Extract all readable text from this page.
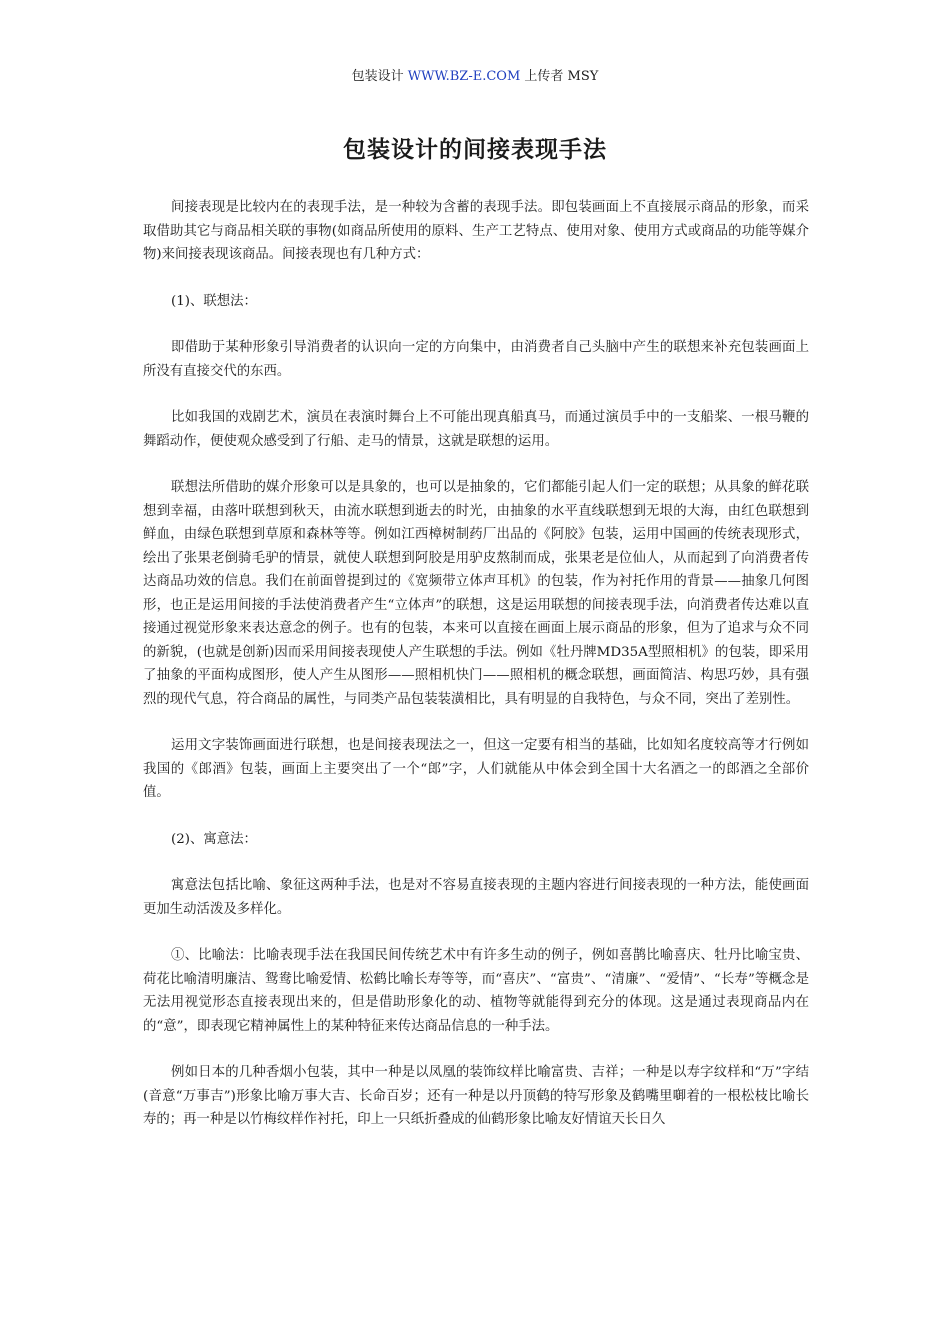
包装设计 WWW.BZ-E.COM 上传者 MSY
包装设计的间接表现手法

间接表现是比较内在的表现手法，是一种较为含蓄的表现手法。即包装画面上不直接展示商品的形象，而采取借助其它与商品相关联的事物(如商品所使用的原料、生产工艺特点、使用对象、使用方式或商品的功能等媒介物)来间接表现该商品。间接表现也有几种方式：

(1)、联想法：

即借助于某种形象引导消费者的认识向一定的方向集中，由消费者自己头脑中产生的联想来补充包装画面上所没有直接交代的东西。

比如我国的戏剧艺术，演员在表演时舞台上不可能出现真船真马，而通过演员手中的一支船桨、一根马鞭的舞蹈动作，便使观众感受到了行船、走马的情景，这就是联想的运用。

联想法所借助的媒介形象可以是具象的，也可以是抽象的，它们都能引起人们一定的联想；从具象的鲜花联想到幸福，由落叶联想到秋天，由流水联想到逝去的时光，由抽象的水平直线联想到无垠的大海，由红色联想到鲜血，由绿色联想到草原和森林等等。例如江西樟树制药厂出品的《阿胶》包装，运用中国画的传统表现形式，绘出了张果老倒骑毛驴的情景，就使人联想到阿胶是用驴皮熬制而成，张果老是位仙人，从而起到了向消费者传达商品功效的信息。我们在前面曾提到过的《宽频带立体声耳机》的包装，作为衬托作用的背景——抽象几何图形，也正是运用间接的手法使消费者产生“立体声”的联想，这是运用联想的间接表现手法，向消费者传达难以直接通过视觉形象来表达意念的例子。也有的包装，本来可以直接在画面上展示商品的形象，但为了追求与众不同的新貌，(也就是创新)因而采用间接表现使人产生联想的手法。例如《牡丹牌MD35A型照相机》的包装，即采用了抽象的平面构成图形，使人产生从图形——照相机快门——照相机的概念联想，画面简洁、构思巧妙，具有强烈的现代气息，符合商品的属性，与同类产品包装装潢相比，具有明显的自我特色，与众不同，突出了差别性。

运用文字装饰画面进行联想，也是间接表现法之一，但这一定要有相当的基础，比如知名度较高等才行例如我国的《郎酒》包装，画面上主要突出了一个“郎”字，人们就能从中体会到全国十大名酒之一的郎酒之全部价值。

(2)、寓意法：

寓意法包括比喻、象征这两种手法，也是对不容易直接表现的主题内容进行间接表现的一种方法，能使画面更加生动活泼及多样化。

①、比喻法：比喻表现手法在我国民间传统艺术中有许多生动的例子，例如喜鹊比喻喜庆、牡丹比喻宝贵、荷花比喻清明廉洁、鸳鸯比喻爱情、松鹤比喻长寿等等，而“喜庆”、“富贵”、“清廉”、“爱情”、“长寿”等概念是无法用视觉形态直接表现出来的，但是借助形象化的动、植物等就能得到充分的体现。这是通过表现商品内在的“意”，即表现它精神属性上的某种特征来传达商品信息的一种手法。

例如日本的几种香烟小包装，其中一种是以凤凰的装饰纹样比喻富贵、吉祥；一种是以寿字纹样和“万”字结(音意“万事吉”)形象比喻万事大吉、长命百岁；还有一种是以丹顶鹤的特写形象及鹤嘴里啣着的一根松枝比喻长寿的；再一种是以竹梅纹样作衬托，印上一只纸折叠成的仙鹤形象比喻友好情谊天长日久
